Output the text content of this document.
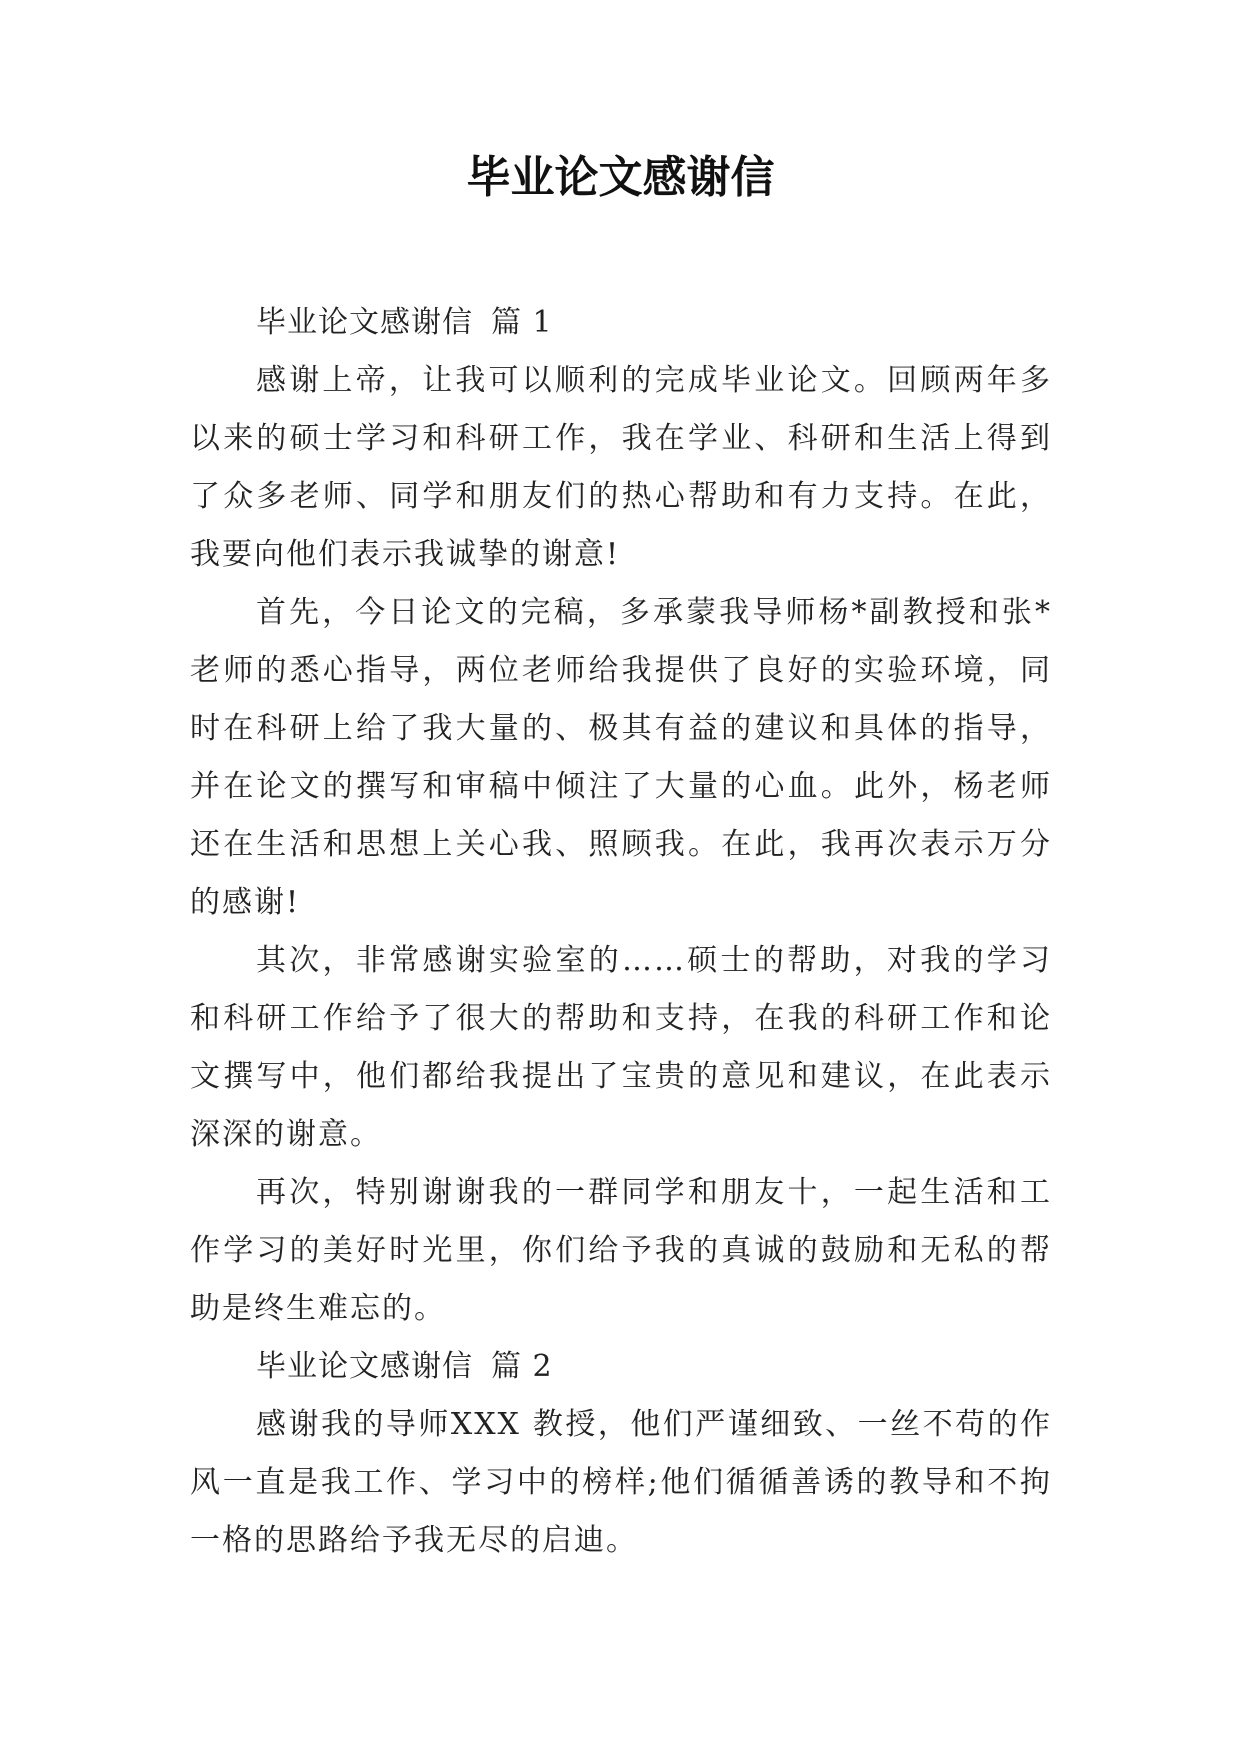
毕业论文感谢信

毕业论文感谢信 篇 1

感谢上帝，让我可以顺利的完成毕业论文。回顾两年多以来的硕士学习和科研工作，我在学业、科研和生活上得到了众多老师、同学和朋友们的热心帮助和有力支持。在此，我要向他们表示我诚挚的谢意!

首先，今日论文的完稿，多承蒙我导师杨*副教授和张*老师的悉心指导，两位老师给我提供了良好的实验环境，同时在科研上给了我大量的、极其有益的建议和具体的指导，并在论文的撰写和审稿中倾注了大量的心血。此外，杨老师还在生活和思想上关心我、照顾我。在此，我再次表示万分的感谢!

其次，非常感谢实验室的……硕士的帮助，对我的学习和科研工作给予了很大的帮助和支持，在我的科研工作和论文撰写中，他们都给我提出了宝贵的意见和建议，在此表示深深的谢意。

再次，特别谢谢我的一群同学和朋友十，一起生活和工作学习的美好时光里，你们给予我的真诚的鼓励和无私的帮助是终生难忘的。

毕业论文感谢信 篇 2

感谢我的导师XXX 教授，他们严谨细致、一丝不苟的作风一直是我工作、学习中的榜样;他们循循善诱的教导和不拘一格的思路给予我无尽的启迪。
